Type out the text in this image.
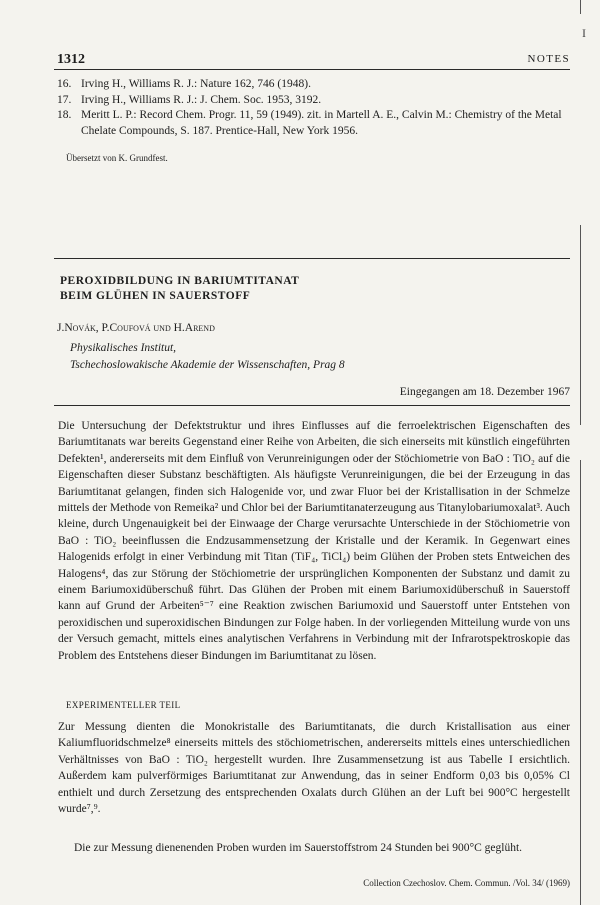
1312	NOTES
16. Irving H., Williams R. J.: Nature 162, 746 (1948).
17. Irving H., Williams R. J.: J. Chem. Soc. 1953, 3192.
18. Meritt L. P.: Record Chem. Progr. 11, 59 (1949). zit. in Martell A. E., Calvin M.: Chemistry of the Metal Chelate Compounds, S. 187. Prentice-Hall, New York 1956.
Übersetzt von K. Grundfest.
PEROXIDBILDUNG IN BARIUMTITANAT
BEIM GLÜHEN IN SAUERSTOFF
J.Novák, P.Coufová und H.Arend
Physikalisches Institut,
Tschechoslowakische Akademie der Wissenschaften, Prag 8
Eingegangen am 18. Dezember 1967
Die Untersuchung der Defektstruktur und ihres Einflusses auf die ferroelektrischen Eigenschaften des Bariumtitanats war bereits Gegenstand einer Reihe von Arbeiten, die sich einerseits mit künstlich eingeführten Defekten¹, andererseits mit dem Einfluß von Verunreinigungen oder der Stöchiometrie von BaO : TiO₂ auf die Eigenschaften dieser Substanz beschäftigten. Als häufigste Verunreinigungen, die bei der Erzeugung in das Bariumtitanat gelangen, finden sich Halogenide vor, und zwar Fluor bei der Kristallisation in der Schmelze mittels der Methode von Remeika² und Chlor bei der Bariumtitanaterzeugung aus Titanylobariumoxalat³. Auch kleine, durch Ungenauigkeit bei der Einwaage der Charge verursachte Unterschiede in der Stöchiometrie von BaO : TiO₂ beeinflussen die Endzusammensetzung der Kristalle und der Keramik. In Gegenwart eines Halogenids erfolgt in einer Verbindung mit Titan (TiF₄, TiCl₄) beim Glühen der Proben stets Entweichen des Halogens⁴, das zur Störung der Stöchiometrie der ursprünglichen Komponenten der Substanz und damit zu einem Bariumoxidüberschuß führt. Das Glühen der Proben mit einem Bariumoxidüberschuß in Sauerstoff kann auf Grund der Arbeiten⁵⁻⁷ eine Reaktion zwischen Bariumoxid und Sauerstoff unter Entstehen von peroxidischen und superoxidischen Bindungen zur Folge haben. In der vorliegenden Mitteilung wurde von uns der Versuch gemacht, mittels eines analytischen Verfahrens in Verbindung mit der Infrarotspektroskopie das Problem des Entstehens dieser Bindungen im Bariumtitanat zu lösen.
EXPERIMENTELLER TEIL
Zur Messung dienten die Monokristalle des Bariumtitanats, die durch Kristallisation aus einer Kaliumfluoridschmelze⁸ einerseits mittels des stöchiometrischen, andererseits mittels eines unterschiedlichen Verhältnisses von BaO : TiO₂ hergestellt wurden. Ihre Zusammensetzung ist aus Tabelle I ersichtlich. Außerdem kam pulverförmiges Bariumtitanat zur Anwendung, das in seiner Endform 0,03 bis 0,05% Cl enthielt und durch Zersetzung des entsprechenden Oxalats durch Glühen an der Luft bei 900°C hergestellt wurde⁷,⁹.
Die zur Messung dienenenden Proben wurden im Sauerstoffstrom 24 Stunden bei 900°C geglüht.
Collection Czechoslov. Chem. Commun. /Vol. 34/ (1969)
I
